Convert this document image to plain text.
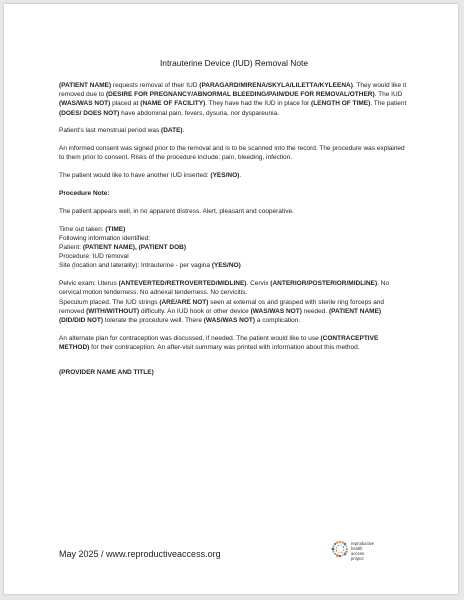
Intrauterine Device (IUD) Removal Note

(PATIENT NAME) requests removal of their IUD (PARAGARD/MIRENA/SKYLA/LILETTA/KYLEENA). They would like it removed due to (DESIRE FOR PREGNANCY/ABNORMAL BLEEDING/PAIN/DUE FOR REMOVAL/OTHER). The IUD (WAS/WAS NOT) placed at (NAME OF FACILITY). They have had the IUD in place for (LENGTH OF TIME). The patient (DOES/ DOES NOT) have abdominal pain, fevers, dysuria, nor dyspareunia.

Patient's last menstrual period was (DATE).

An informed consent was signed prior to the removal and is to be scanned into the record. The procedure was explained to them prior to consent. Risks of the procedure include: pain, bleeding, infection.

The patient would like to have another IUD inserted: (YES/NO).

Procedure Note:

The patient appears well, in no apparent distress. Alert, pleasant and cooperative.

Time out taken: (TIME)
Following information identified:
Patient: (PATIENT NAME), (PATIENT DOB)
Procedure: IUD removal
Site (location and laterality): Intrauterine - per vagina (YES/NO)

Pelvic exam: Uterus (ANTEVERTED/RETROVERTED/MIDLINE). Cervix (ANTERIOR/POSTERIOR/MIDLINE). No cervical motion tenderness. No adnexal tenderness. No cervicitis.

Speculum placed. The IUD strings (ARE/ARE NOT) seen at external os and grasped with sterile ring forceps and removed (WITH/WITHOUT) difficulty. An IUD hook or other device (WAS/WAS NOT) needed. (PATIENT NAME) (DID/DID NOT) tolerate the procedure well. There (WAS/WAS NOT) a complication.

An alternate plan for contraception was discussed, if needed. The patient would like to use (CONTRACEPTIVE METHOD) for their contraception. An after-visit summary was printed with information about this method.

(PROVIDER NAME AND TITLE)

May 2025 / www.reproductiveaccess.org
reproductive
health
access
project
